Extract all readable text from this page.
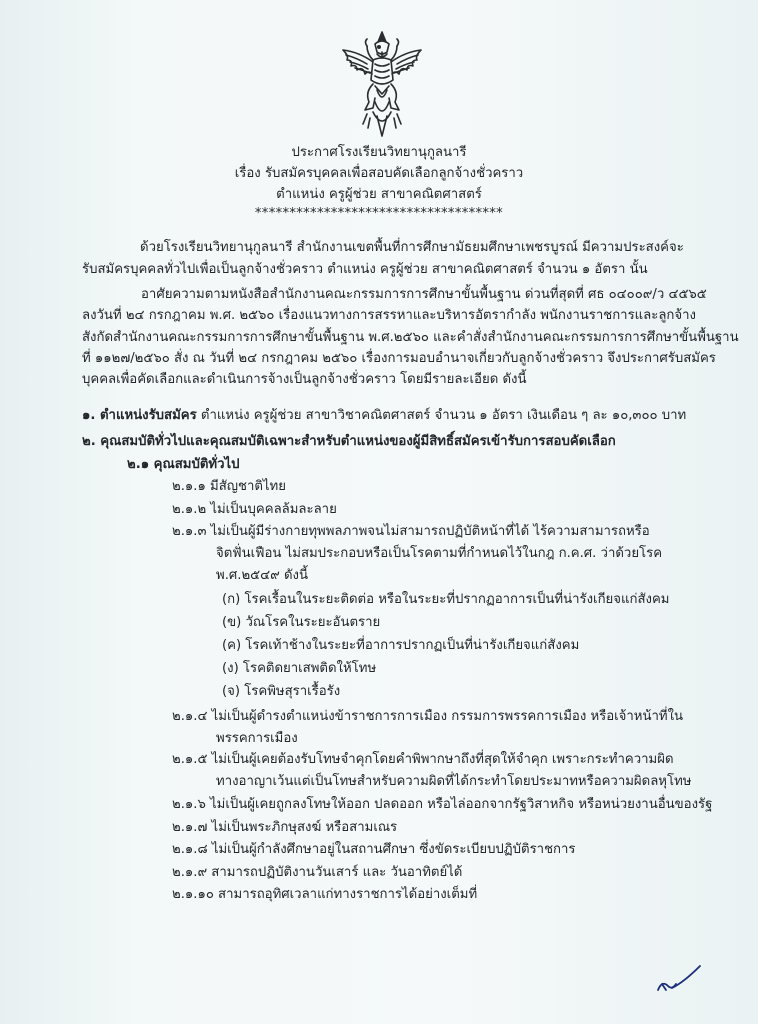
ประกาศโรงเรียนวิทยานุกูลนารี
เรื่อง รับสมัครบุคคลเพื่อสอบคัดเลือกลูกจ้างชั่วคราว
ตำแหน่ง ครูผู้ช่วย สาขาคณิตศาสตร์
************************************
ด้วยโรงเรียนวิทยานุกูลนารี สำนักงานเขตพื้นที่การศึกษามัธยมศึกษาเพชรบูรณ์ มีความประสงค์จะ
รับสมัครบุคคลทั่วไปเพื่อเป็นลูกจ้างชั่วคราว ตำแหน่ง ครูผู้ช่วย สาขาคณิตศาสตร์ จำนวน ๑ อัตรา นั้น
อาศัยความตามหนังสือสำนักงานคณะกรรมการการศึกษาขั้นพื้นฐาน ด่วนที่สุดที่ ศธ ๐๔๐๐๙/ว ๔๕๖๕
ลงวันที่ ๒๔ กรกฎาคม พ.ศ. ๒๕๖๐ เรื่องแนวทางการสรรหาและบริหารอัตรากำลัง พนักงานราชการและลูกจ้าง
สังกัดสำนักงานคณะกรรมการการศึกษาขั้นพื้นฐาน พ.ศ.๒๕๖๐ และคำสั่งสำนักงานคณะกรรมการการศึกษาขั้นพื้นฐาน
ที่ ๑๑๒๗/๒๕๖๐ สั่ง ณ วันที่ ๒๔ กรกฎาคม ๒๕๖๐ เรื่องการมอบอำนาจเกี่ยวกับลูกจ้างชั่วคราว จึงประกาศรับสมัคร
บุคคลเพื่อคัดเลือกและดำเนินการจ้างเป็นลูกจ้างชั่วคราว โดยมีรายละเอียด ดังนี้
๑. ตำแหน่งรับสมัคร ตำแหน่ง ครูผู้ช่วย สาขาวิชาคณิตศาสตร์ จำนวน ๑ อัตรา เงินเดือน ๆ ละ ๑๐,๓๐๐ บาท
๒. คุณสมบัติทั่วไปและคุณสมบัติเฉพาะสำหรับตำแหน่งของผู้มีสิทธิ์สมัครเข้ารับการสอบคัดเลือก
๒.๑ คุณสมบัติทั่วไป
๒.๑.๑ มีสัญชาติไทย
๒.๑.๒ ไม่เป็นบุคคลล้มละลาย
๒.๑.๓ ไม่เป็นผู้มีร่างกายทุพพลภาพจนไม่สามารถปฏิบัติหน้าที่ได้ ไร้ความสามารถหรือ
จิตฟั่นเฟือน ไม่สมประกอบหรือเป็นโรคตามที่กำหนดไว้ในกฎ ก.ค.ศ. ว่าด้วยโรค
พ.ศ.๒๕๔๙ ดังนี้
(ก) โรคเรื้อนในระยะติดต่อ หรือในระยะที่ปรากฏอาการเป็นที่น่ารังเกียจแก่สังคม
(ข) วัณโรคในระยะอันตราย
(ค) โรคเท้าช้างในระยะที่อาการปรากฏเป็นที่น่ารังเกียจแก่สังคม
(ง) โรคติดยาเสพติดให้โทษ
(จ) โรคพิษสุราเรื้อรัง
๒.๑.๔ ไม่เป็นผู้ดำรงตำแหน่งข้าราชการการเมือง กรรมการพรรคการเมือง หรือเจ้าหน้าที่ใน
พรรคการเมือง
๒.๑.๕ ไม่เป็นผู้เคยต้องรับโทษจำคุกโดยคำพิพากษาถึงที่สุดให้จำคุก เพราะกระทำความผิด
ทางอาญาเว้นแต่เป็นโทษสำหรับความผิดที่ได้กระทำโดยประมาทหรือความผิดลหุโทษ
๒.๑.๖ ไม่เป็นผู้เคยถูกลงโทษให้ออก ปลดออก หรือไล่ออกจากรัฐวิสาหกิจ หรือหน่วยงานอื่นของรัฐ
๒.๑.๗ ไม่เป็นพระภิกษุสงฆ์ หรือสามเณร
๒.๑.๘ ไม่เป็นผู้กำลังศึกษาอยู่ในสถานศึกษา ซึ่งขัดระเบียบปฏิบัติราชการ
๒.๑.๙ สามารถปฏิบัติงานวันเสาร์ และ วันอาทิตย์ได้
๒.๑.๑๐ สามารถอุทิศเวลาแก่ทางราชการได้อย่างเต็มที่
